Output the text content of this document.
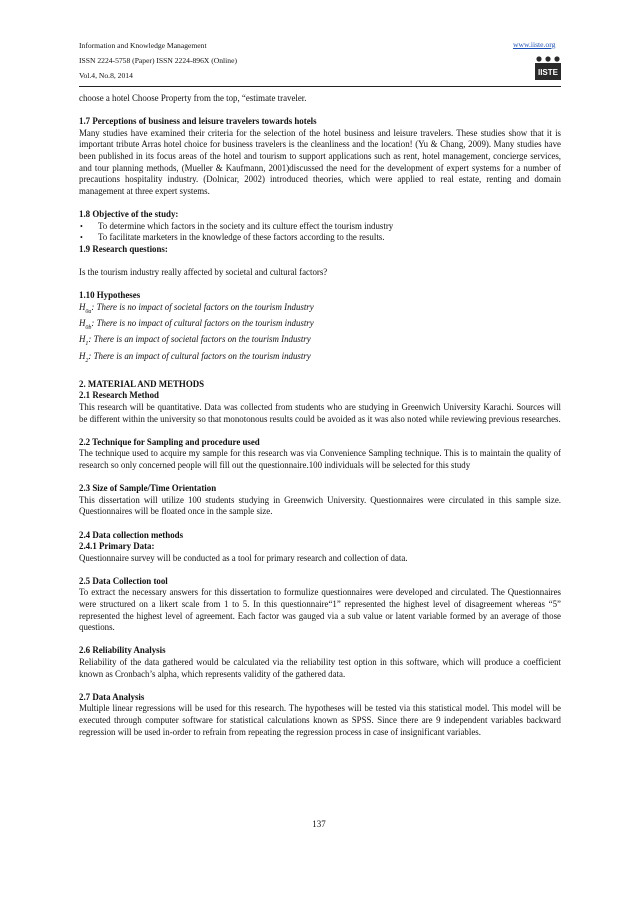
Information and Knowledge Management
ISSN 2224-5758 (Paper) ISSN 2224-896X (Online)
Vol.4, No.8, 2014
www.iiste.org
IISTE

choose a hotel Choose Property from the top, “estimate traveler.

1.7 Perceptions of business and leisure travelers towards hotels

Many studies have examined their criteria for the selection of the hotel business and leisure travelers. These studies show that it is important tribute Arras hotel choice for business travelers is the cleanliness and the location! (Yu & Chang, 2009). Many studies have been published in its focus areas of the hotel and tourism to support applications such as rent, hotel management, concierge services, and tour planning methods, (Mueller & Kaufmann, 2001)discussed the need for the development of expert systems for a number of precautions hospitality industry. (Dolnicar, 2002) introduced theories, which were applied to real estate, renting and domain management at three expert systems.

1.8 Objective of the study:

•	To determine which factors in the society and its culture effect the tourism industry
•	To facilitate marketers in the knowledge of these factors according to the results.

1.9 Research questions:

Is the tourism industry really affected by societal and cultural factors?

1.10 Hypotheses

$H_{0a}$: There is no impact of societal factors on the tourism Industry

$H_{0b}$: There is no impact of cultural factors on the tourism industry

$H_1$: There is an impact of societal factors on the tourism Industry

$H_2$: There is an impact of cultural factors on the tourism industry

2. MATERIAL AND METHODS

2.1 Research Method

This research will be quantitative. Data was collected from students who are studying in Greenwich University Karachi. Sources will be different within the university so that monotonous results could be avoided as it was also noted while reviewing previous researches.

2.2 Technique for Sampling and procedure used

The technique used to acquire my sample for this research was via Convenience Sampling technique. This is to maintain the quality of research so only concerned people will fill out the questionnaire.100 individuals will be selected for this study

2.3 Size of Sample/Time Orientation

This dissertation will utilize 100 students studying in Greenwich University. Questionnaires were circulated in this sample size. Questionnaires will be floated once in the sample size.

2.4 Data collection methods

2.4.1 Primary Data:

Questionnaire survey will be conducted as a tool for primary research and collection of data.

2.5 Data Collection tool

To extract the necessary answers for this dissertation to formulize questionnaires were developed and circulated. The Questionnaires were structured on a likert scale from 1 to 5. In this questionnaire“1” represented the highest level of disagreement whereas “5” represented the highest level of agreement. Each factor was gauged via a sub value or latent variable formed by an average of those questions.

2.6 Reliability Analysis

Reliability of the data gathered would be calculated via the reliability test option in this software, which will produce a coefficient known as Cronbach’s alpha, which represents validity of the gathered data.

2.7 Data Analysis

Multiple linear regressions will be used for this research. The hypotheses will be tested via this statistical model. This model will be executed through computer software for statistical calculations known as SPSS. Since there are 9 independent variables backward regression will be used in-order to refrain from repeating the regression process in case of insignificant variables.

137
